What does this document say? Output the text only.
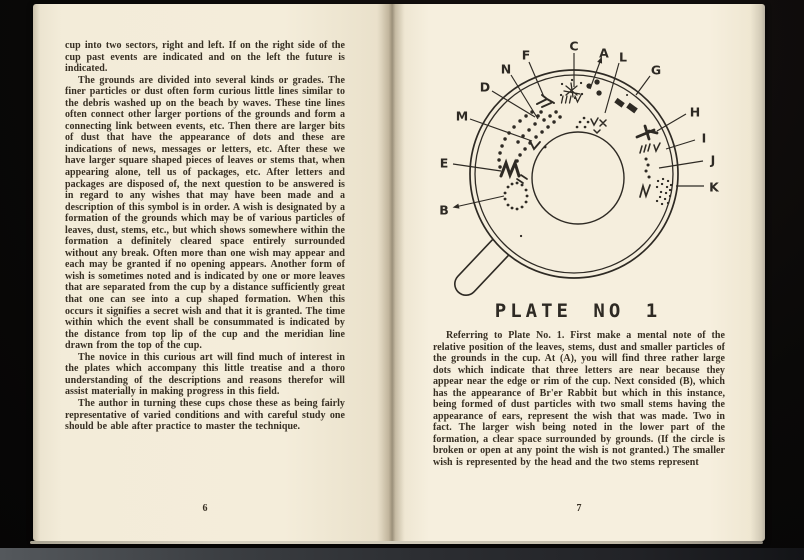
cup into two sectors, right and left. If on the right side of the cup past events are indicated and on the left the future is indicated.

The grounds are divided into several kinds or grades. The finer particles or dust often form curious little lines similar to the debris washed up on the beach by waves. These tine lines often connect other larger portions of the grounds and form a connecting link between events, etc. Then there are larger bits of dust that have the appearance of dots and these are indications of news, messages or letters, etc. After these we have larger square shaped pieces of leaves or stems that, when appearing alone, tell us of packages, etc. After letters and packages are disposed of, the next question to be answered is in regard to any wishes that may have been made and a description of this symbol is in order. A wish is designated by a formation of the grounds which may be of various particles of leaves, dust, stems, etc., but which shows somewhere within the formation a definitely cleared space entirely surrounded without any break. Often more than one wish may appear and each may be granted if no opening appears. Another form of wish is sometimes noted and is indicated by one or more leaves that are separated from the cup by a distance sufficiently great that one can see into a cup shaped formation. When this occurs it signifies a secret wish and that it is granted. The time within which the event shall be consummated is indicated by the distance from top lip of the cup and the meridian line drawn from the top of the cup.

The novice in this curious art will find much of interest in the plates which accompany this little treatise and a thoro understanding of the descriptions and reasons therefor will assist materially in making progress in this field.

The author in turning these cups chose these as being fairly representative of varied conditions and with careful study one should be able after practice to master the technique.

6
A
B
C
D
E
F
G
H
I
J
K
L
M
N
PLATE NO 1

Referring to Plate No. 1. First make a mental note of the relative position of the leaves, stems, dust and smaller particles of the grounds in the cup. At (A), you will find three rather large dots which indicate that three letters are near because they appear near the edge or rim of the cup. Next consided (B), which has the appearance of Br'er Rabbit but which in this instance, being formed of dust particles with two small stems having the appearance of ears, represent the wish that was made. Two in fact. The larger wish being noted in the lower part of the formation, a clear space surrounded by grounds. (If the circle is broken or open at any point the wish is not granted.) The smaller wish is represented by the head and the two stems represent

7
